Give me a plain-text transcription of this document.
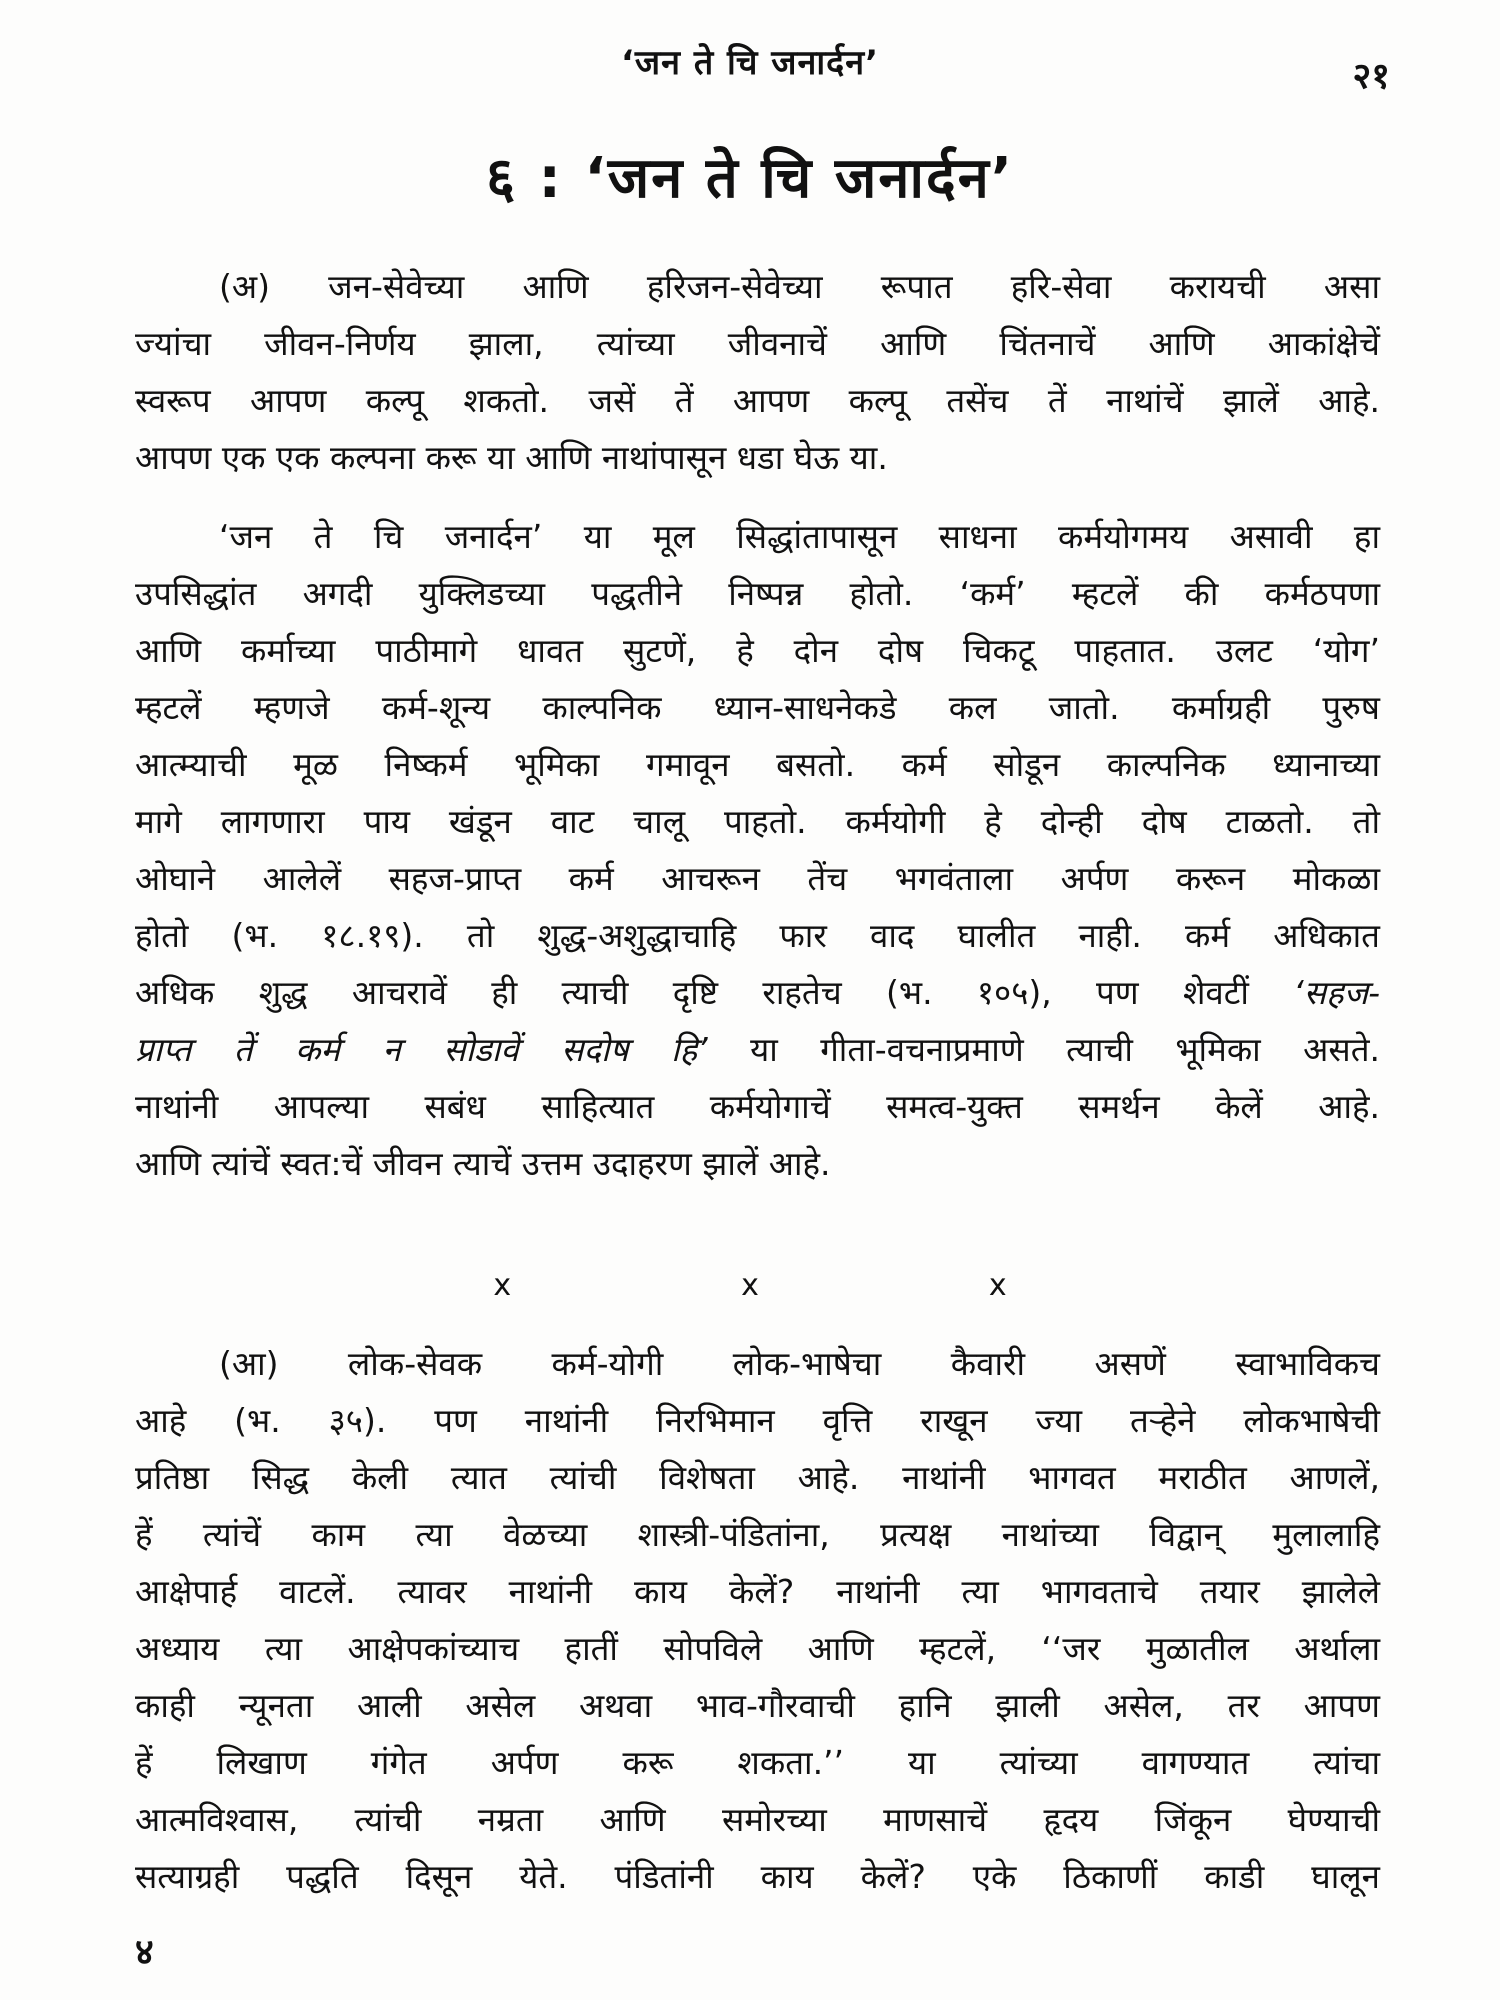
‘जन ते चि जनार्दन’	२१
६ : ‘जन ते चि जनार्दन’
(अ) जन-सेवेच्या आणि हरिजन-सेवेच्या रूपात हरि-सेवा करायची असा
ज्यांचा जीवन-निर्णय झाला, त्यांच्या जीवनाचें आणि चिंतनाचें आणि आकांक्षेचें
स्वरूप आपण कल्पू शकतो. जसें तें आपण कल्पू तसेंच तें नाथांचें झालें आहे.
आपण एक एक कल्पना करू या आणि नाथांपासून धडा घेऊ या.
‘जन ते चि जनार्दन’ या मूल सिद्धांतापासून साधना कर्मयोगमय असावी हा
उपसिद्धांत अगदी युक्लिडच्या पद्धतीने निष्पन्न होतो. ‘कर्म’ म्हटलें की कर्मठपणा
आणि कर्माच्या पाठीमागे धावत सुटणें, हे दोन दोष चिकटू पाहतात. उलट ‘योग’
म्हटलें म्हणजे कर्म-शून्य काल्पनिक ध्यान-साधनेकडे कल जातो. कर्माग्रही पुरुष
आत्म्याची मूळ निष्कर्म भूमिका गमावून बसतो. कर्म सोडून काल्पनिक ध्यानाच्या
मागे लागणारा पाय खंडून वाट चालू पाहतो. कर्मयोगी हे दोन्ही दोष टाळतो. तो
ओघाने आलेलें सहज-प्राप्त कर्म आचरून तेंच भगवंताला अर्पण करून मोकळा
होतो (भ. १८.१९). तो शुद्ध-अशुद्धाचाहि फार वाद घालीत नाही. कर्म अधिकात
अधिक शुद्ध आचरावें ही त्याची दृष्टि राहतेच (भ. १०५), पण शेवटीं ‘सहज-
प्राप्त तें कर्म न सोडावें सदोष हि’ या गीता-वचनाप्रमाणे त्याची भूमिका असते.
नाथांनी आपल्या सबंध साहित्यात कर्मयोगाचें समत्व-युक्त समर्थन केलें आहे.
आणि त्यांचें स्वत:चें जीवन त्याचें उत्तम उदाहरण झालें आहे.
(आ) लोक-सेवक कर्म-योगी लोक-भाषेचा कैवारी असणें स्वाभाविकच
आहे (भ. ३५). पण नाथांनी निरभिमान वृत्ति राखून ज्या तऱ्हेने लोकभाषेची
प्रतिष्ठा सिद्ध केली त्यात त्यांची विशेषता आहे. नाथांनी भागवत मराठीत आणलें,
हें त्यांचें काम त्या वेळच्या शास्त्री-पंडितांना, प्रत्यक्ष नाथांच्या विद्वान् मुलालाहि
आक्षेपार्ह वाटलें. त्यावर नाथांनी काय केलें? नाथांनी त्या भागवताचे तयार झालेले
अध्याय त्या आक्षेपकांच्याच हातीं सोपविले आणि म्हटलें, ‘‘जर मुळातील अर्थाला
काही न्यूनता आली असेल अथवा भाव-गौरवाची हानि झाली असेल, तर आपण
हें लिखाण गंगेत अर्पण करू शकता.’’ या त्यांच्या वागण्यात त्यांचा
आत्मविश्वास, त्यांची नम्रता आणि समोरच्या माणसाचें हृदय जिंकून घेण्याची
सत्याग्रही पद्धति दिसून येते. पंडितांनी काय केलें? एके ठिकाणीं काडी घालून
x	x	x
४
